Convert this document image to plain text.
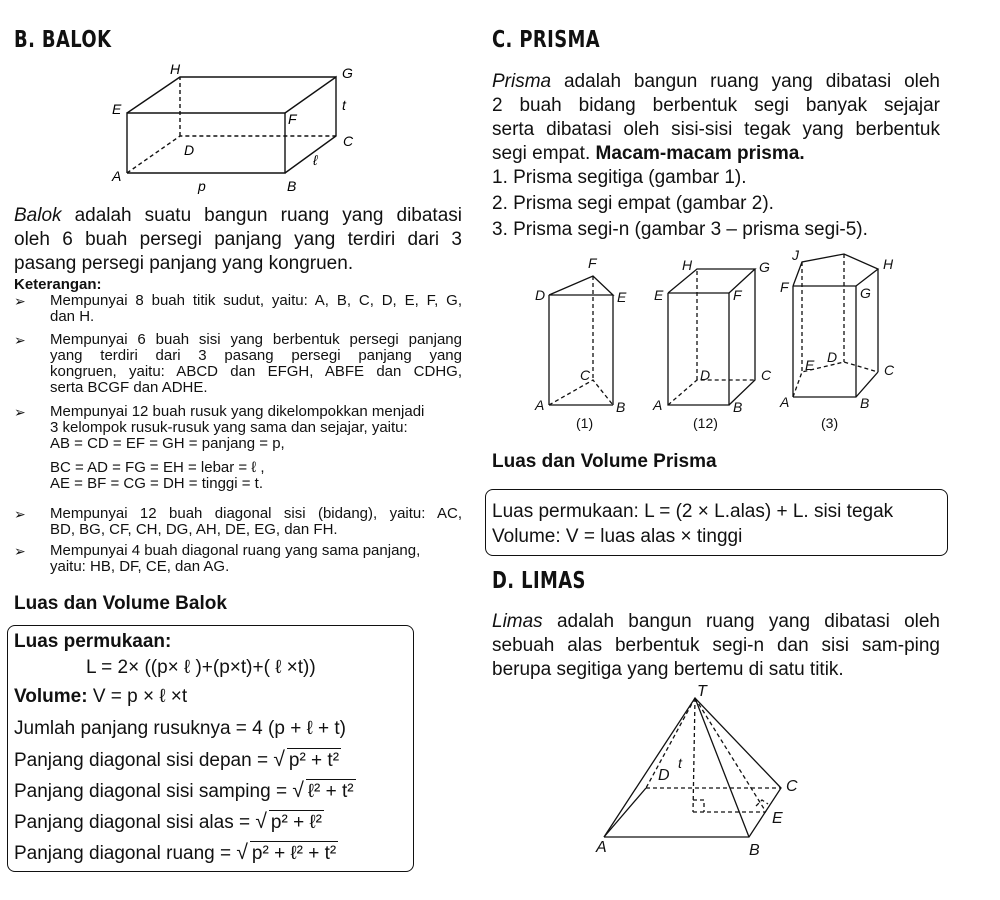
B. BALOK
A
B
C
D
E
F
G
H
p
ℓ
t
Balok adalah suatu bangun ruang yang dibatasi
oleh 6 buah persegi panjang yang terdiri dari 3
pasang persegi panjang yang kongruen.
Keterangan:
➢ Mempunyai 8 buah titik sudut, yaitu: A, B, C, D, E, F, G,
dan H.
➢ Mempunyai 6 buah sisi yang berbentuk persegi panjang
yang terdiri dari 3 pasang persegi panjang yang
kongruen, yaitu: ABCD dan EFGH, ABFE dan CDHG,
serta BCGF dan ADHE.
➢ Mempunyai 12 buah rusuk yang dikelompokkan menjadi
3 kelompok rusuk-rusuk yang sama dan sejajar, yaitu:
AB = CD = EF = GH = panjang = p,
BC = AD = FG = EH = lebar = ℓ ,
AE = BF = CG = DH = tinggi = t.
➢ Mempunyai 12 buah diagonal sisi (bidang), yaitu: AC,
BD, BG, CF, CH, DG, AH, DE, EG, dan FH.
➢ Mempunyai 4 buah diagonal ruang yang sama panjang,
yaitu: HB, DF, CE, dan AG.
Luas dan Volume Balok
Luas permukaan:
L = 2× ((p× ℓ )+(p×t)+( ℓ ×t))
Volume: V = p × ℓ ×t
Jumlah panjang rusuknya = 4 (p + ℓ + t)
Panjang diagonal sisi depan = √ p² + t²
Panjang diagonal sisi samping = √ ℓ² + t²
Panjang diagonal sisi alas = √ p² + ℓ²
Panjang diagonal ruang = √ p² + ℓ² + t²
C. PRISMA
Prisma adalah bangun ruang yang dibatasi oleh
2 buah bidang berbentuk segi banyak sejajar
serta dibatasi oleh sisi-sisi tegak yang berbentuk
segi empat. Macam-macam prisma.
1. Prisma segitiga (gambar 1).
2. Prisma segi empat (gambar 2).
3. Prisma segi-n (gambar 3 – prisma segi-5).
F
D	E
C
A	B
H	G
E	F
D	C
A	B
J
H
F	G
E D
C
A	B
(1)	(12)	(3)
Luas dan Volume Prisma
Luas permukaan: L = (2 × L.alas) + L. sisi tegak
Volume: V = luas alas × tinggi
D. LIMAS
Limas adalah bangun ruang yang dibatasi oleh
sebuah alas berbentuk segi-n dan sisi sam-ping
berupa segitiga yang bertemu di satu titik.
T
D
t
C
E
A	B
